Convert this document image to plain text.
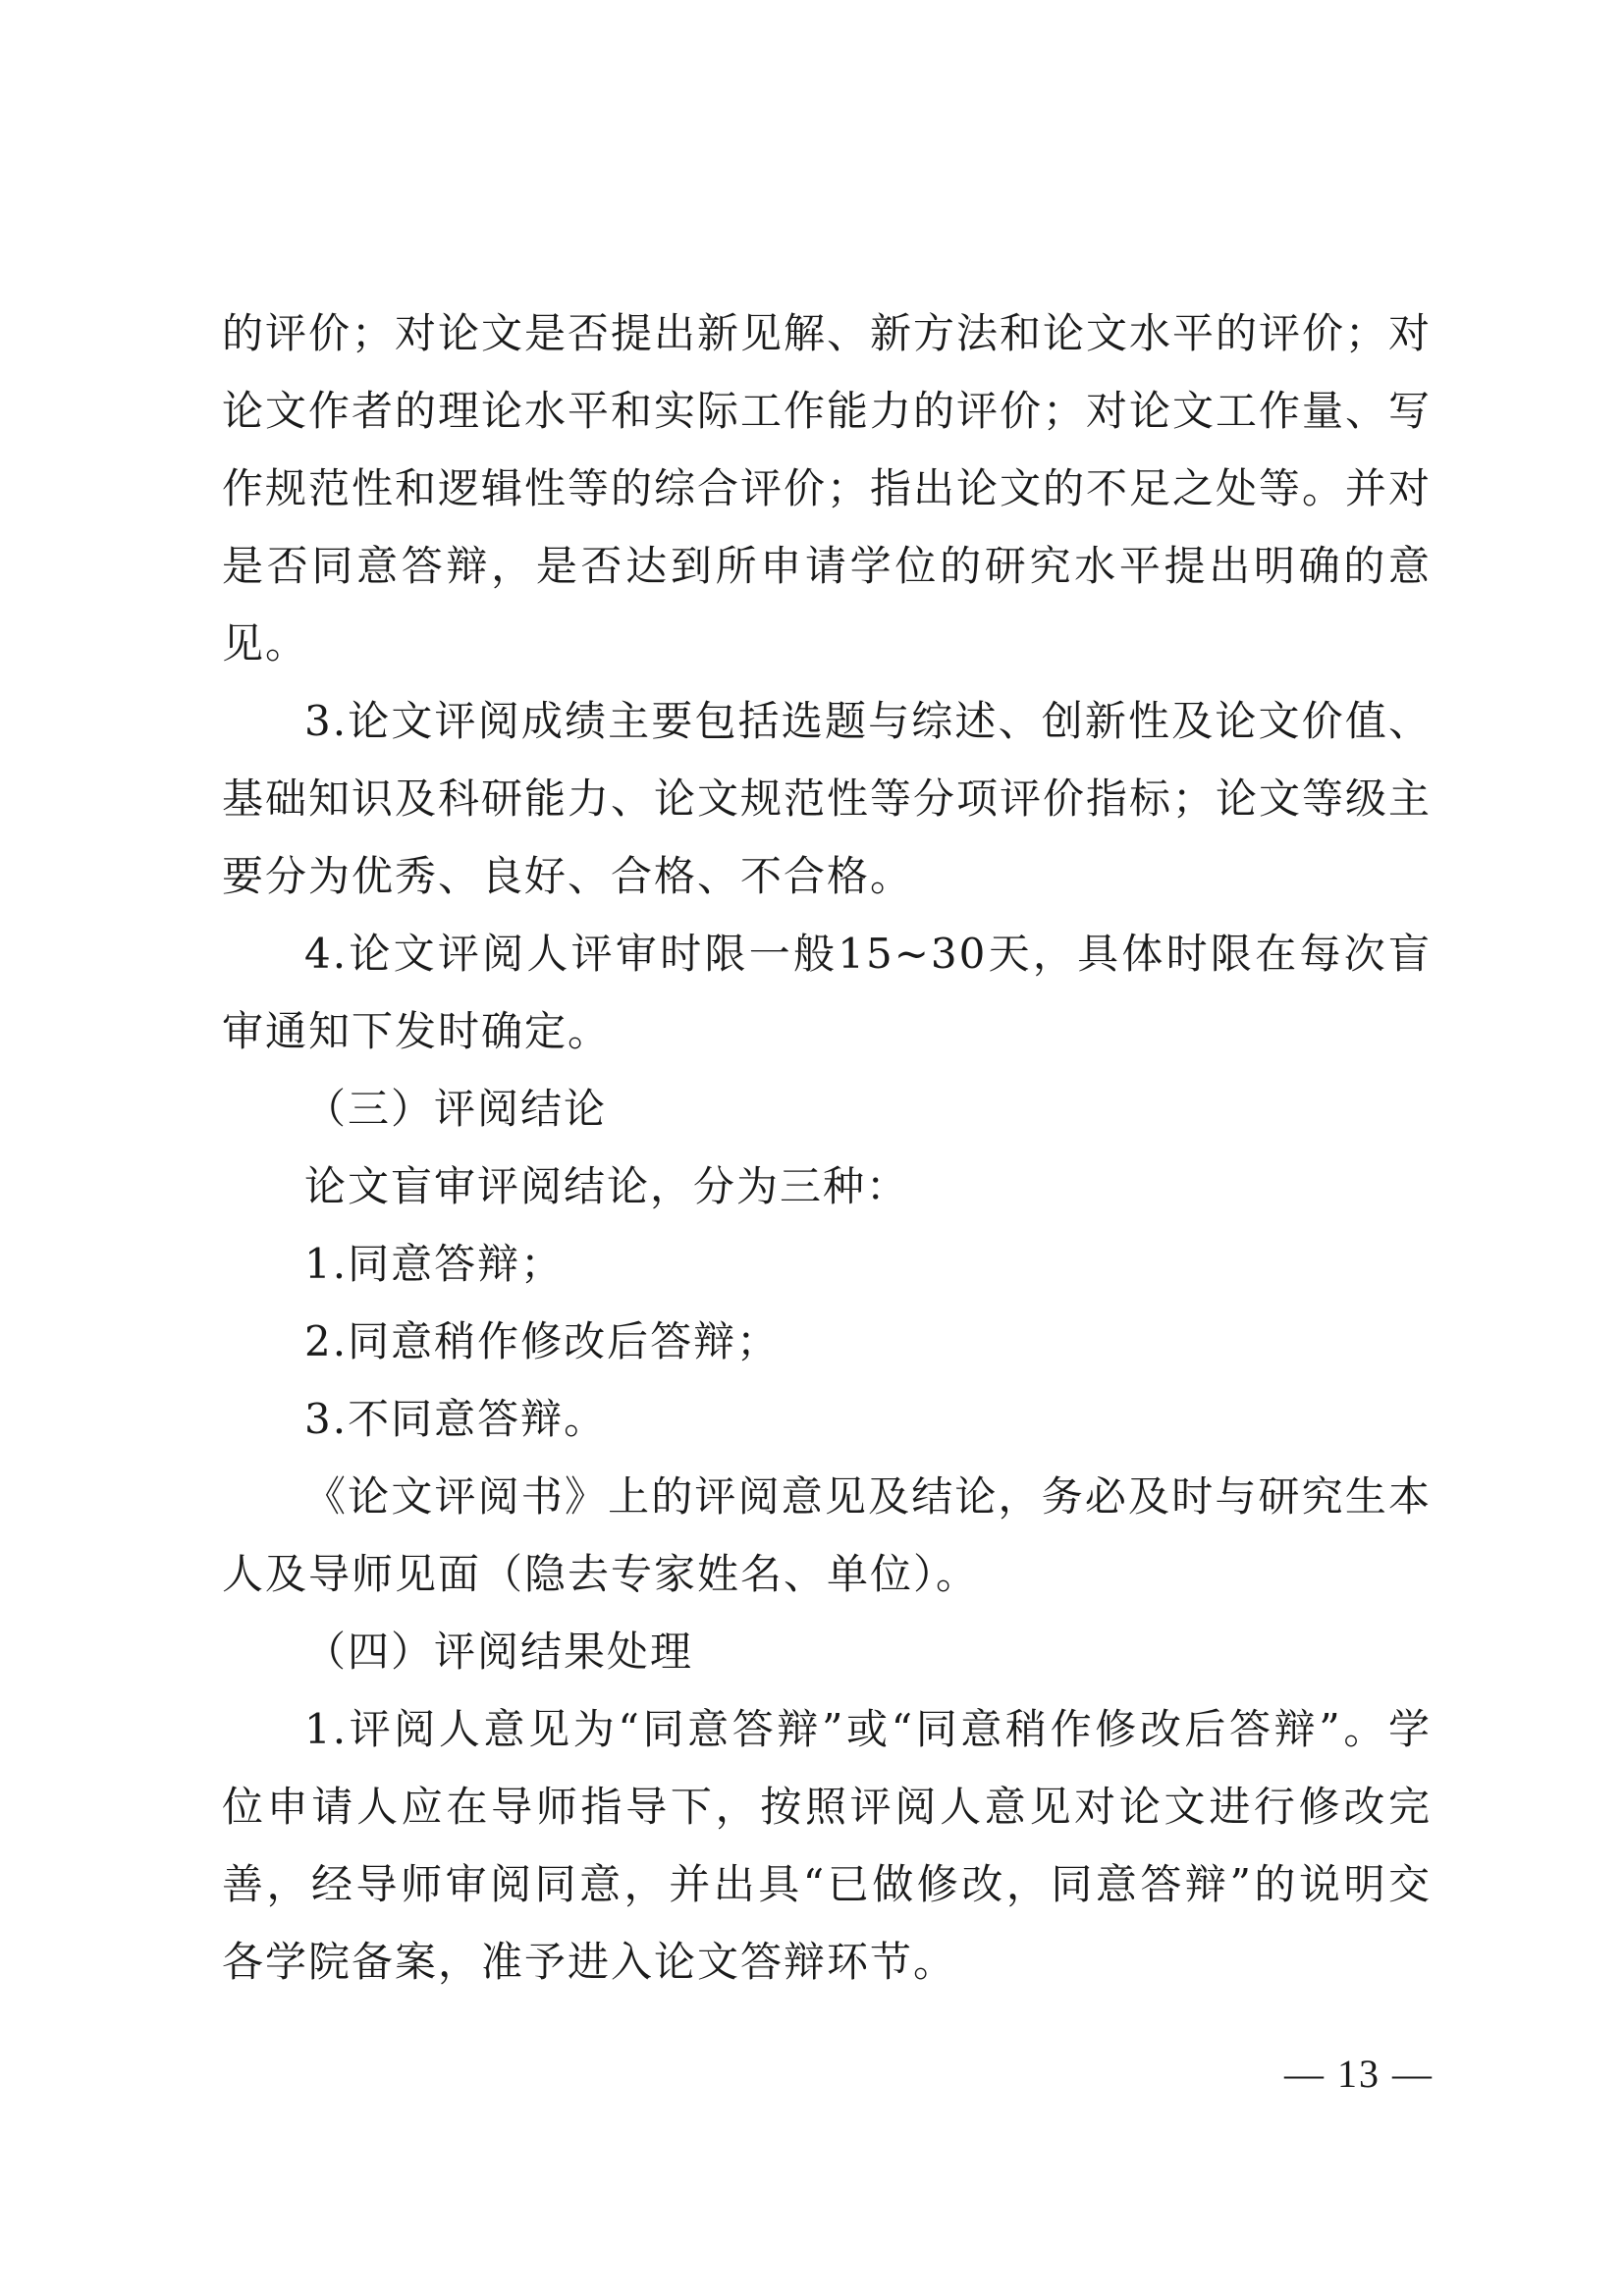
的评价；对论文是否提出新见解、新方法和论文水平的评价；对论文作者的理论水平和实际工作能力的评价；对论文工作量、写作规范性和逻辑性等的综合评价；指出论文的不足之处等。并对是否同意答辩，是否达到所申请学位的研究水平提出明确的意见。

3.论文评阅成绩主要包括选题与综述、创新性及论文价值、基础知识及科研能力、论文规范性等分项评价指标；论文等级主要分为优秀、良好、合格、不合格。

4.论文评阅人评审时限一般15~30天，具体时限在每次盲审通知下发时确定。

（三）评阅结论

论文盲审评阅结论，分为三种：

1.同意答辩；

2.同意稍作修改后答辩；

3.不同意答辩。

《论文评阅书》上的评阅意见及结论，务必及时与研究生本人及导师见面（隐去专家姓名、单位）。

（四）评阅结果处理

1.评阅人意见为“同意答辩”或“同意稍作修改后答辩”。学位申请人应在导师指导下，按照评阅人意见对论文进行修改完善，经导师审阅同意，并出具“已做修改，同意答辩”的说明交各学院备案，准予进入论文答辩环节。

— 13 —
